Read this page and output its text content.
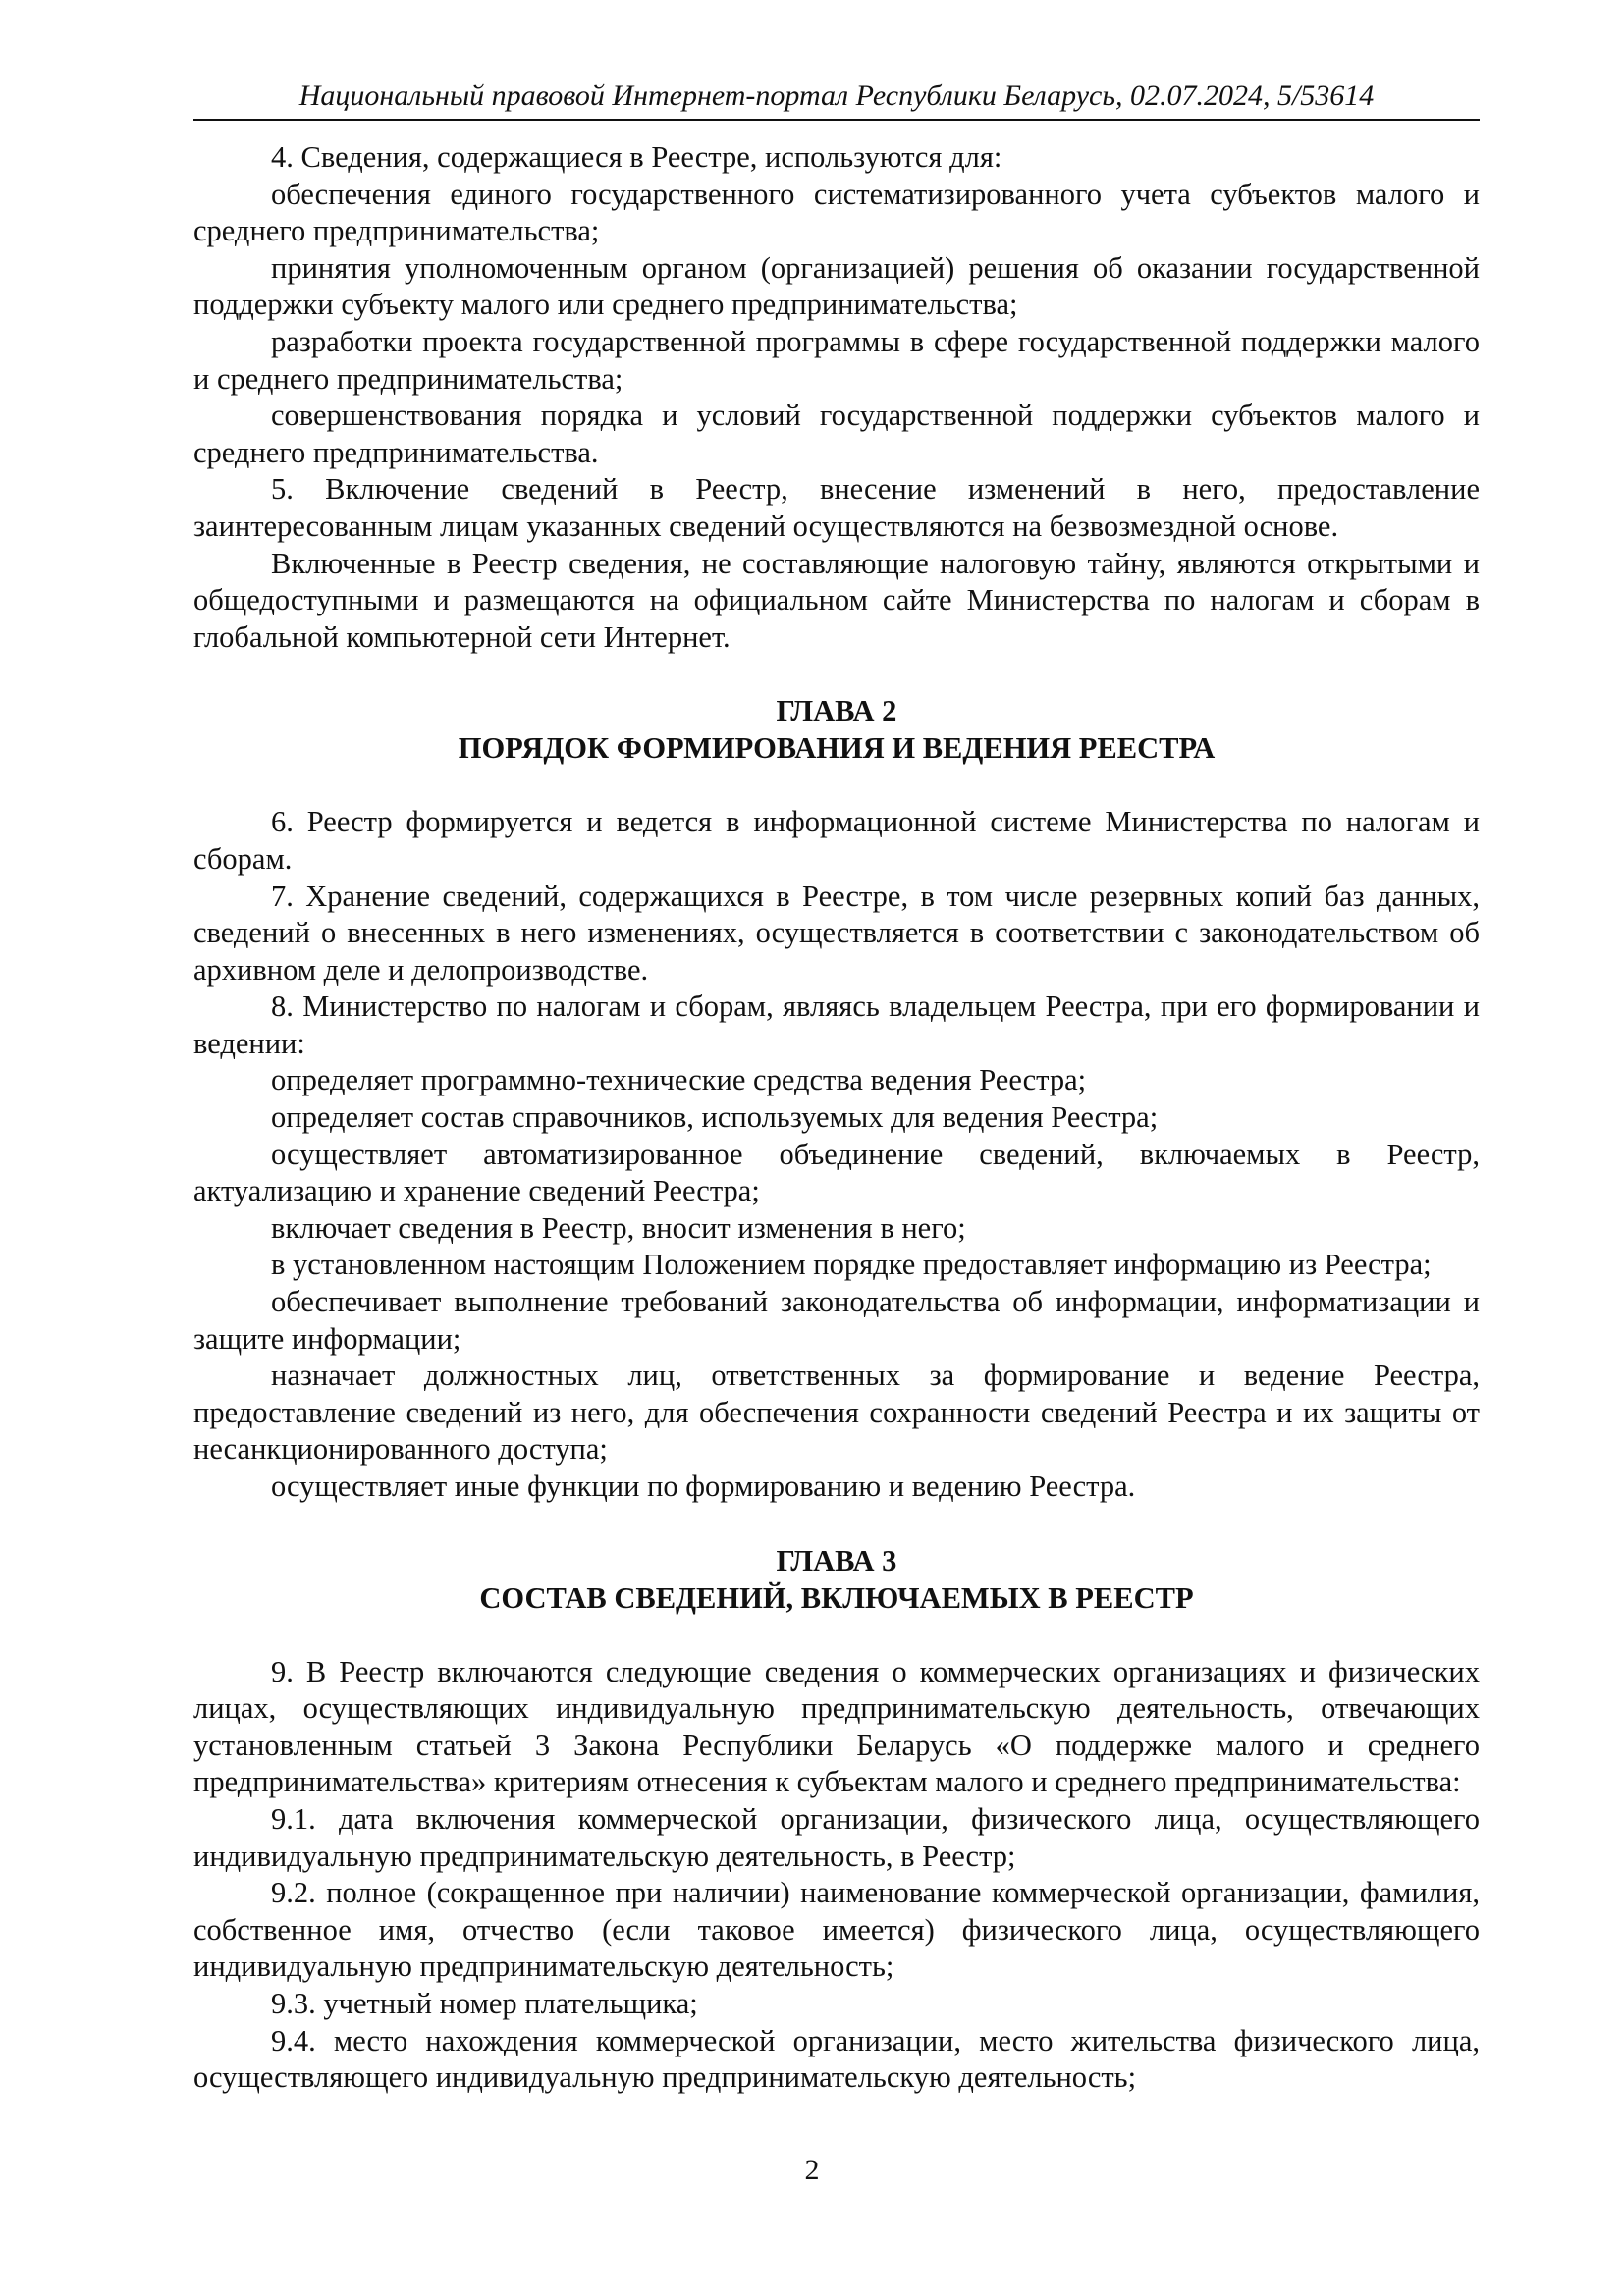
Национальный правовой Интернет-портал Республики Беларусь, 02.07.2024, 5/53614

4. Сведения, содержащиеся в Реестре, используются для:

обеспечения единого государственного систематизированного учета субъектов малого и среднего предпринимательства;

принятия уполномоченным органом (организацией) решения об оказании государственной поддержки субъекту малого или среднего предпринимательства;

разработки проекта государственной программы в сфере государственной поддержки малого и среднего предпринимательства;

совершенствования порядка и условий государственной поддержки субъектов малого и среднего предпринимательства.

5. Включение сведений в Реестр, внесение изменений в него, предоставление заинтересованным лицам указанных сведений осуществляются на безвозмездной основе.

Включенные в Реестр сведения, не составляющие налоговую тайну, являются открытыми и общедоступными и размещаются на официальном сайте Министерства по налогам и сборам в глобальной компьютерной сети Интернет.

ГЛАВА 2
ПОРЯДОК ФОРМИРОВАНИЯ И ВЕДЕНИЯ РЕЕСТРА

6. Реестр формируется и ведется в информационной системе Министерства по налогам и сборам.

7. Хранение сведений, содержащихся в Реестре, в том числе резервных копий баз данных, сведений о внесенных в него изменениях, осуществляется в соответствии с законодательством об архивном деле и делопроизводстве.

8. Министерство по налогам и сборам, являясь владельцем Реестра, при его формировании и ведении:

определяет программно-технические средства ведения Реестра;

определяет состав справочников, используемых для ведения Реестра;

осуществляет автоматизированное объединение сведений, включаемых в Реестр, актуализацию и хранение сведений Реестра;

включает сведения в Реестр, вносит изменения в него;

в установленном настоящим Положением порядке предоставляет информацию из Реестра;

обеспечивает выполнение требований законодательства об информации, информатизации и защите информации;

назначает должностных лиц, ответственных за формирование и ведение Реестра, предоставление сведений из него, для обеспечения сохранности сведений Реестра и их защиты от несанкционированного доступа;

осуществляет иные функции по формированию и ведению Реестра.

ГЛАВА 3
СОСТАВ СВЕДЕНИЙ, ВКЛЮЧАЕМЫХ В РЕЕСТР

9. В Реестр включаются следующие сведения о коммерческих организациях и физических лицах, осуществляющих индивидуальную предпринимательскую деятельность, отвечающих установленным статьей 3 Закона Республики Беларусь «О поддержке малого и среднего предпринимательства» критериям отнесения к субъектам малого и среднего предпринимательства:

9.1. дата включения коммерческой организации, физического лица, осуществляющего индивидуальную предпринимательскую деятельность, в Реестр;

9.2. полное (сокращенное при наличии) наименование коммерческой организации, фамилия, собственное имя, отчество (если таковое имеется) физического лица, осуществляющего индивидуальную предпринимательскую деятельность;

9.3. учетный номер плательщика;

9.4. место нахождения коммерческой организации, место жительства физического лица, осуществляющего индивидуальную предпринимательскую деятельность;

2
